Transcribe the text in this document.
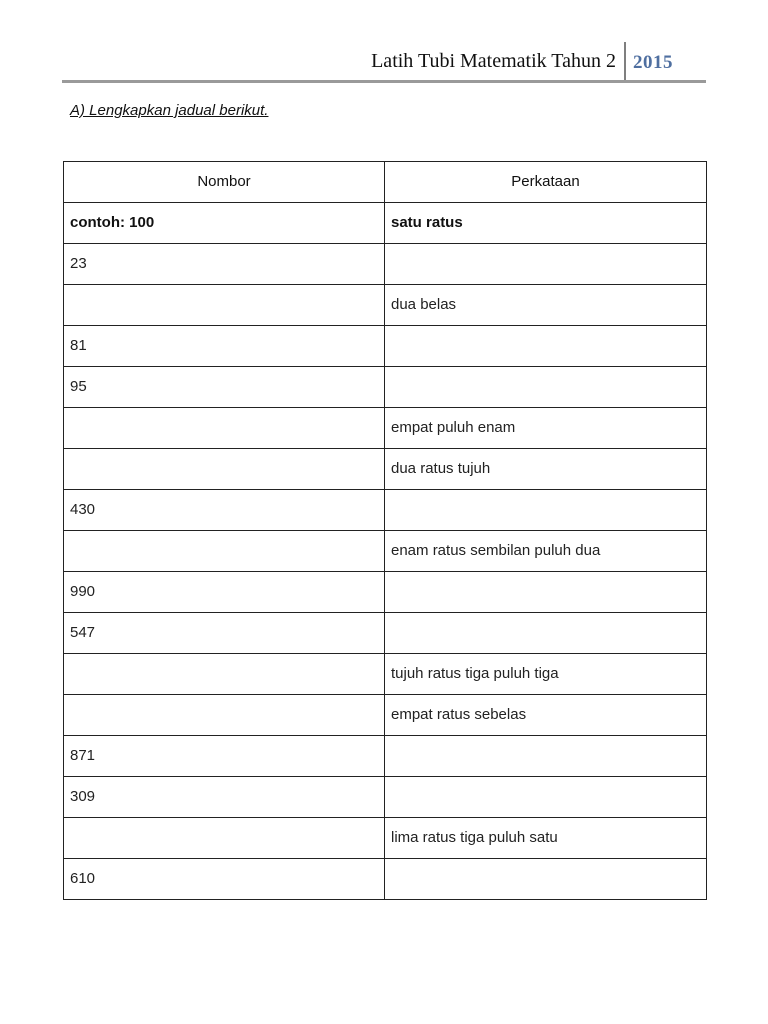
Latih Tubi Matematik Tahun 2 2015
A) Lengkapkan jadual berikut.
Nombor	Perkataan
contoh: 100	satu ratus
23	
	dua belas
81	
95	
	empat puluh enam
	dua ratus tujuh
430	
	enam ratus sembilan puluh dua
990	
547	
	tujuh ratus tiga puluh tiga
	empat ratus sebelas
871	
309	
	lima ratus tiga puluh satu
610	
